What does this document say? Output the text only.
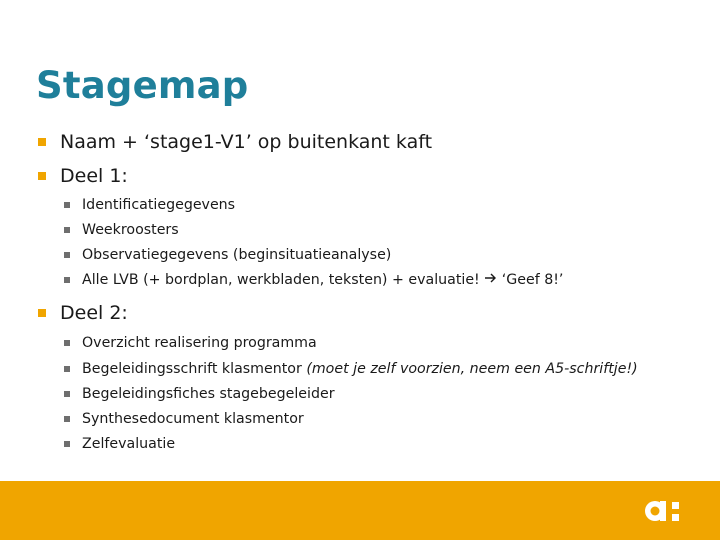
Stagemap
Naam + ‘stage1-V1’ op buitenkant kaft
Deel 1:
Identificatiegegevens
Weekroosters
Observatiegegevens (beginsituatieanalyse)
Alle LVB (+ bordplan, werkbladen, teksten) + evaluatie! ‘Geef 8!’
Deel 2:
Overzicht realisering programma
Begeleidingsschrift klasmentor
(moet je zelf voorzien, neem een A5-schriftje!)
Begeleidingsfiches stagebegeleider
Synthesedocument klasmentor
Zelfevaluatie
